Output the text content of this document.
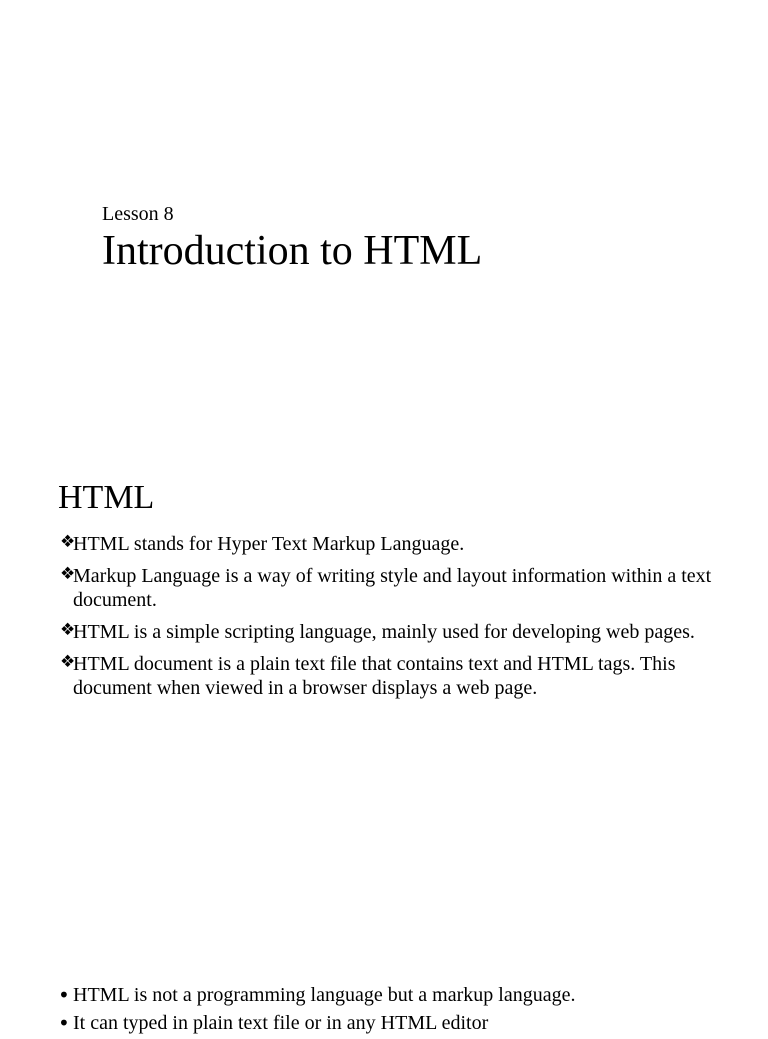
Lesson 8
Introduction to HTML
HTML
❖
HTML stands for Hyper Text Markup Language.
❖
Markup Language is a way of writing style and layout information within a text document.
❖
HTML is a simple scripting language, mainly used for developing web pages.
❖
HTML document is a plain text file that contains text and HTML tags. This document when viewed in a browser displays a web page.
• HTML is not a programming language but a markup language.
• It can typed in plain text file or in any HTML editor
